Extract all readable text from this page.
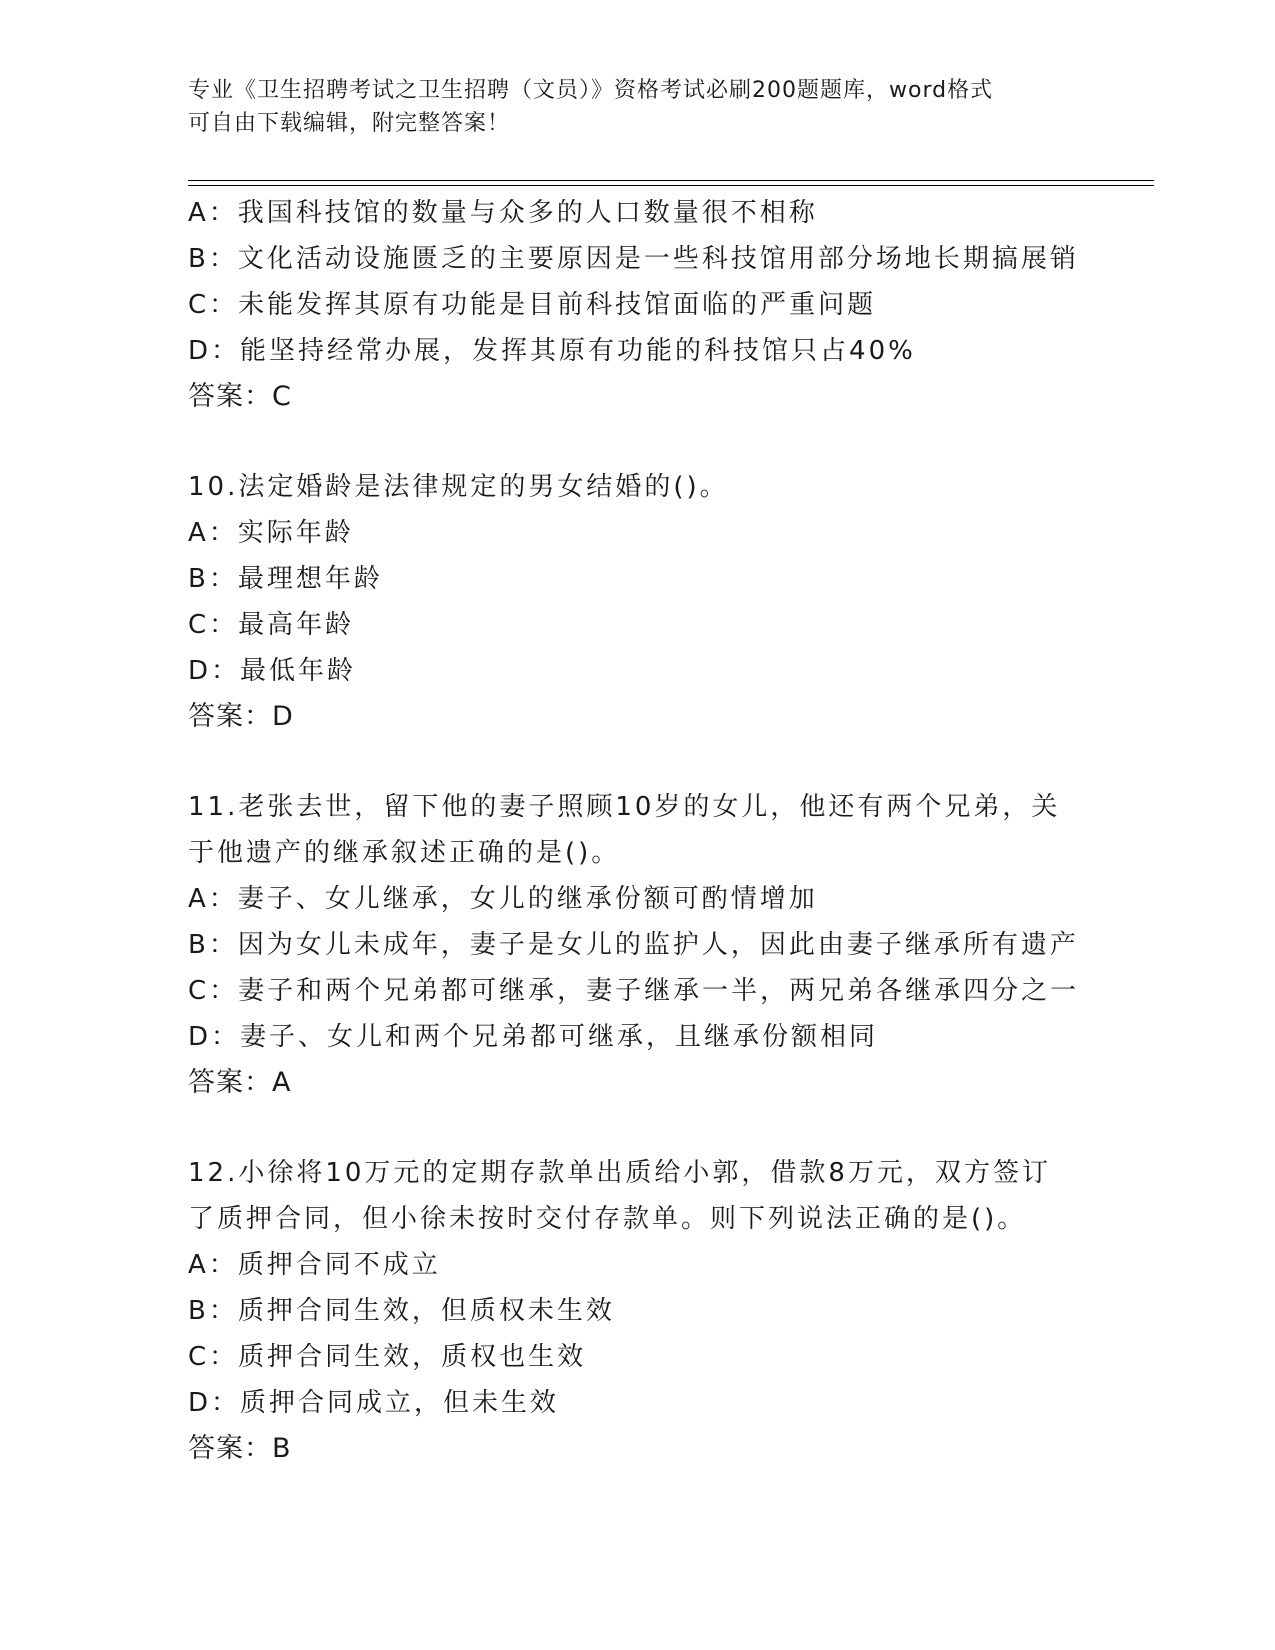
专业《卫生招聘考试之卫生招聘（文员）》资格考试必刷200题题库，word格式
可自由下载编辑，附完整答案！
A：我国科技馆的数量与众多的人口数量很不相称
B：文化活动设施匮乏的主要原因是一些科技馆用部分场地长期搞展销
C：未能发挥其原有功能是目前科技馆面临的严重问题
D：能坚持经常办展，发挥其原有功能的科技馆只占40%
答案：C
10.法定婚龄是法律规定的男女结婚的()。
A：实际年龄
B：最理想年龄
C：最高年龄
D：最低年龄
答案：D
11.老张去世，留下他的妻子照顾10岁的女儿，他还有两个兄弟，关
于他遗产的继承叙述正确的是()。
A：妻子、女儿继承，女儿的继承份额可酌情增加
B：因为女儿未成年，妻子是女儿的监护人，因此由妻子继承所有遗产
C：妻子和两个兄弟都可继承，妻子继承一半，两兄弟各继承四分之一
D：妻子、女儿和两个兄弟都可继承，且继承份额相同
答案：A
12.小徐将10万元的定期存款单出质给小郭，借款8万元，双方签订
了质押合同，但小徐未按时交付存款单。则下列说法正确的是()。
A：质押合同不成立
B：质押合同生效，但质权未生效
C：质押合同生效，质权也生效
D：质押合同成立，但未生效
答案：B
